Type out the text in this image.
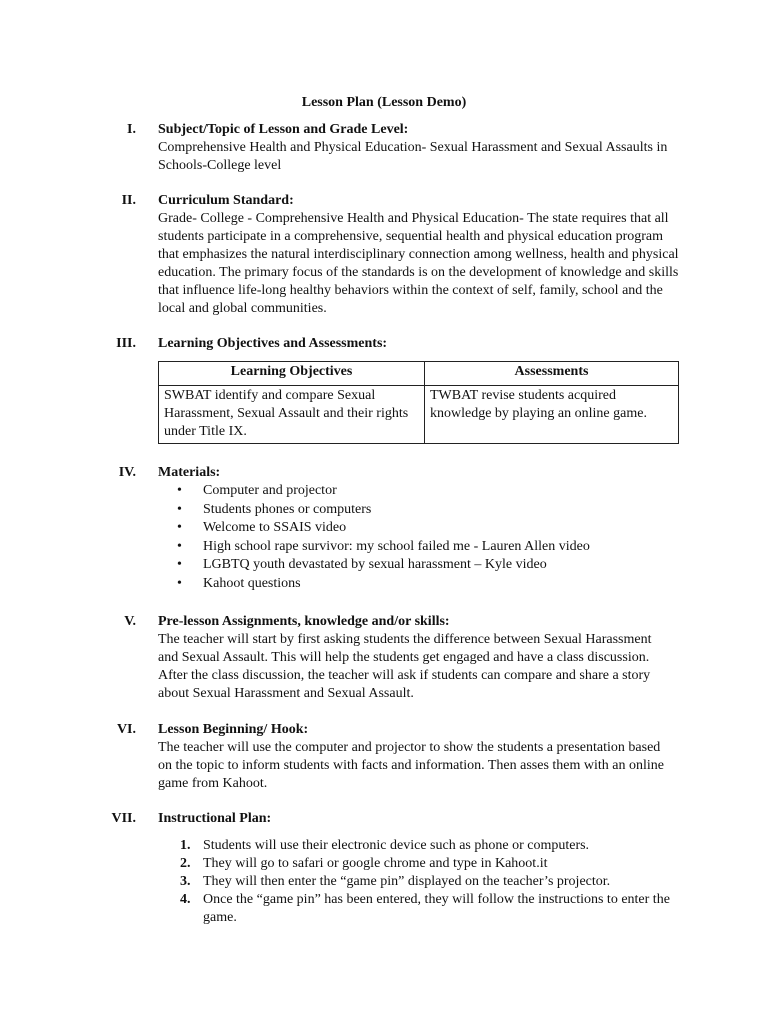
Lesson Plan (Lesson Demo)
I. Subject/Topic of Lesson and Grade Level:

Comprehensive Health and Physical Education- Sexual Harassment and Sexual Assaults in Schools-College level

II. Curriculum Standard:

Grade- College - Comprehensive Health and Physical Education- The state requires that all students participate in a comprehensive, sequential health and physical education program that emphasizes the natural interdisciplinary connection among wellness, health and physical education. The primary focus of the standards is on the development of knowledge and skills that influence life-long healthy behaviors within the context of self, family, school and the local and global communities.

III. Learning Objectives and Assessments:
Learning Objectives	Assessments
SWBAT identify and compare Sexual Harassment, Sexual Assault and their rights under Title IX.	TWBAT revise students acquired knowledge by playing an online game.
IV. Materials:
• Computer and projector
• Students phones or computers
• Welcome to SSAIS video
• High school rape survivor: my school failed me - Lauren Allen video
• LGBTQ youth devastated by sexual harassment – Kyle video
• Kahoot questions
V. Pre-lesson Assignments, knowledge and/or skills:

The teacher will start by first asking students the difference between Sexual Harassment and Sexual Assault. This will help the students get engaged and have a class discussion. After the class discussion, the teacher will ask if students can compare and share a story about Sexual Harassment and Sexual Assault.

VI. Lesson Beginning/ Hook:

The teacher will use the computer and projector to show the students a presentation based on the topic to inform students with facts and information. Then asses them with an online game from Kahoot.

VII. Instructional Plan:
1. Students will use their electronic device such as phone or computers.
2. They will go to safari or google chrome and type in Kahoot.it
3. They will then enter the “game pin” displayed on the teacher’s projector.
4. Once the “game pin” has been entered, they will follow the instructions to enter the game.
